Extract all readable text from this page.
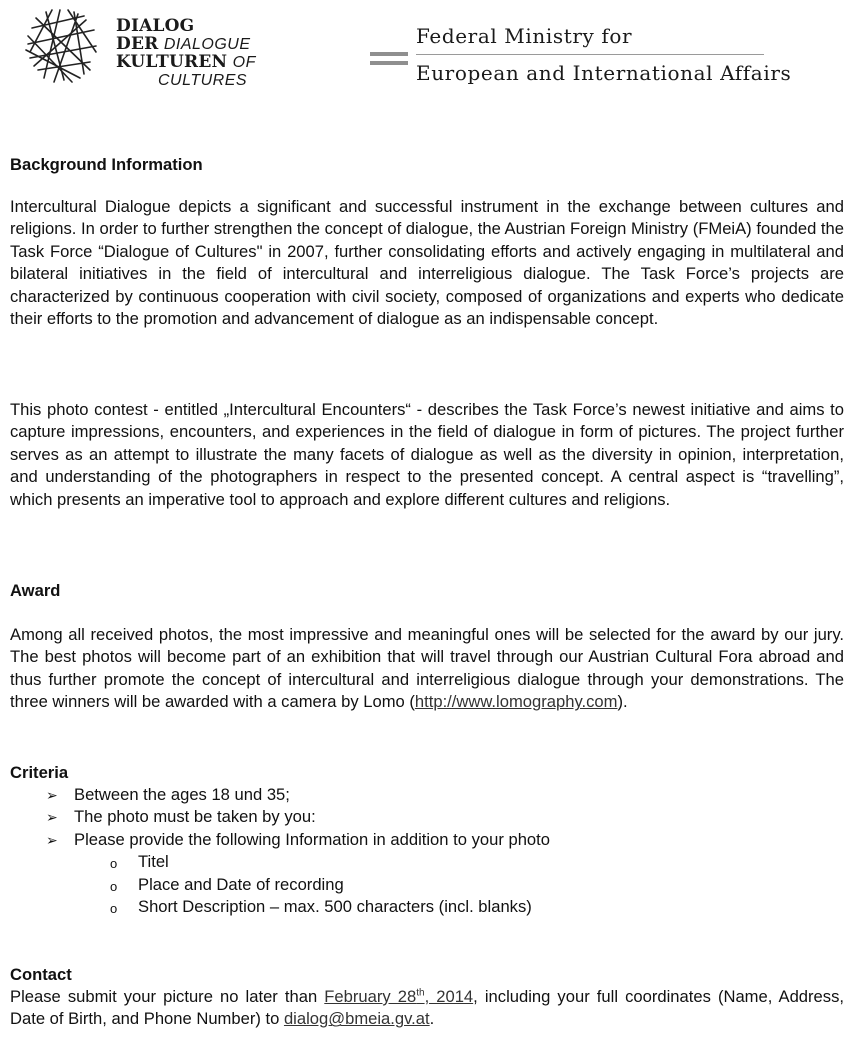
DIALOG
DER DIALOGUE
KULTUREN OF
CULTURES
Federal Ministry for
European and International Affairs
Background Information

Intercultural Dialogue depicts a significant and successful instrument in the exchange between cultures and religions. In order to further strengthen the concept of dialogue, the Austrian Foreign Ministry (FMeiA) founded the Task Force “Dialogue of Cultures" in 2007, further consolidating efforts and actively engaging in multilateral and bilateral initiatives in the field of intercultural and interreligious dialogue. The Task Force’s projects are characterized by continuous cooperation with civil society, composed of organizations and experts who dedicate their efforts to the promotion and advancement of dialogue as an indispensable concept.

This photo contest - entitled „Intercultural Encounters“ - describes the Task Force’s newest initiative and aims to capture impressions, encounters, and experiences in the field of dialogue in form of pictures. The project further serves as an attempt to illustrate the many facets of dialogue as well as the diversity in opinion, interpretation, and understanding of the photographers in respect to the presented concept. A central aspect is “travelling”, which presents an imperative tool to approach and explore different cultures and religions.

Award

Among all received photos, the most impressive and meaningful ones will be selected for the award by our jury. The best photos will become part of an exhibition that will travel through our Austrian Cultural Fora abroad and thus further promote the concept of intercultural and interreligious dialogue through your demonstrations. The three winners will be awarded with a camera by Lomo (http://www.lomography.com).

Criteria
➢ Between the ages 18 und 35;
➢ The photo must be taken by you:
➢ Please provide the following Information in addition to your photo
o Titel
o Place and Date of recording
o Short Description – max. 500 characters (incl. blanks)
Contact

Please submit your picture no later than February 28th, 2014, including your full coordinates (Name, Address, Date of Birth, and Phone Number) to dialog@bmeia.gv.at.
